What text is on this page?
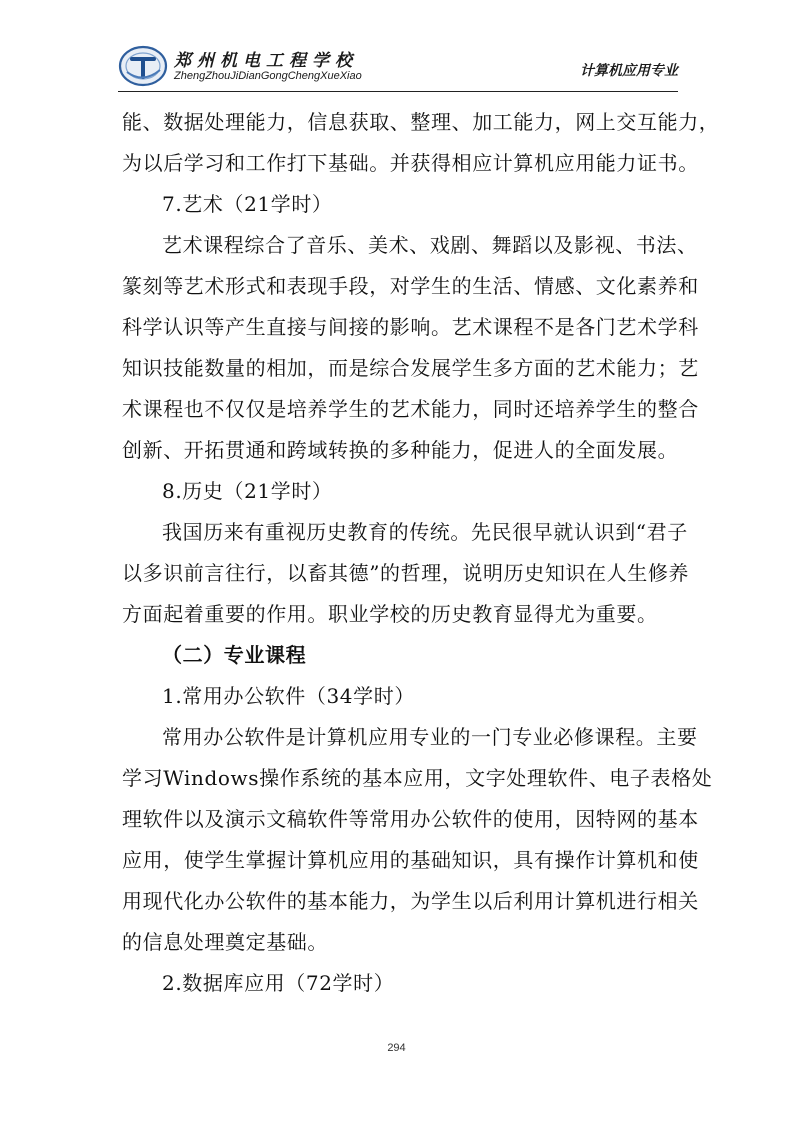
郑州机电工程学校
ZhengZhouJiDianGongChengXueXiao	计算机应用专业
能、数据处理能力，信息获取、整理、加工能力，网上交互能力，
为以后学习和工作打下基础。并获得相应计算机应用能力证书。
7.艺术（21学时）
艺术课程综合了音乐、美术、戏剧、舞蹈以及影视、书法、
篆刻等艺术形式和表现手段，对学生的生活、情感、文化素养和
科学认识等产生直接与间接的影响。艺术课程不是各门艺术学科
知识技能数量的相加，而是综合发展学生多方面的艺术能力；艺
术课程也不仅仅是培养学生的艺术能力，同时还培养学生的整合
创新、开拓贯通和跨域转换的多种能力，促进人的全面发展。
8.历史（21学时）
我国历来有重视历史教育的传统。先民很早就认识到“君子
以多识前言往行，以畜其德”的哲理，说明历史知识在人生修养
方面起着重要的作用。职业学校的历史教育显得尤为重要。
（二）专业课程
1.常用办公软件（34学时）
常用办公软件是计算机应用专业的一门专业必修课程。主要
学习Windows操作系统的基本应用，文字处理软件、电子表格处
理软件以及演示文稿软件等常用办公软件的使用，因特网的基本
应用，使学生掌握计算机应用的基础知识，具有操作计算机和使
用现代化办公软件的基本能力，为学生以后利用计算机进行相关
的信息处理奠定基础。
2.数据库应用（72学时）
294
